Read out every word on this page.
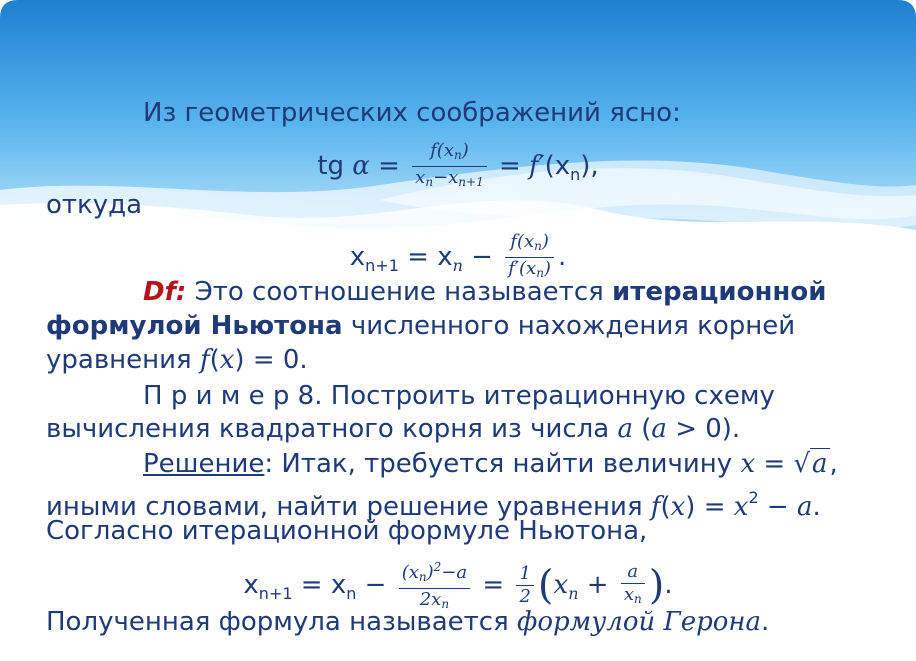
Из геометрических соображений ясно:
tg $\alpha = \frac{f(x_n)}{x_n-x_{n+1}} = f'(x_n)$,
откуда
$x_{n+1} = x_n - \frac{f(x_n)}{f'(x_n)}$ .
Df: Это соотношение называется итерационной
формулой Ньютона численного нахождения корней
уравнения f(x) = 0.
П р и м е р 8. Построить итерационную схему
вычисления квадратного корня из числа a (a > 0).
Решение: Итак, требуется найти величину x = √a,
иными словами, найти решение уравнения $f(x) = x^2 - a$.
Согласно итерационной формуле Ньютона,
$x_{n+1} = x_n - \frac{(x_n)^2-a}{2x_n} = \frac{1}{2} (x_n + \frac{a}{x_n}$ ).
Полученная формула называется формулой Герона.
